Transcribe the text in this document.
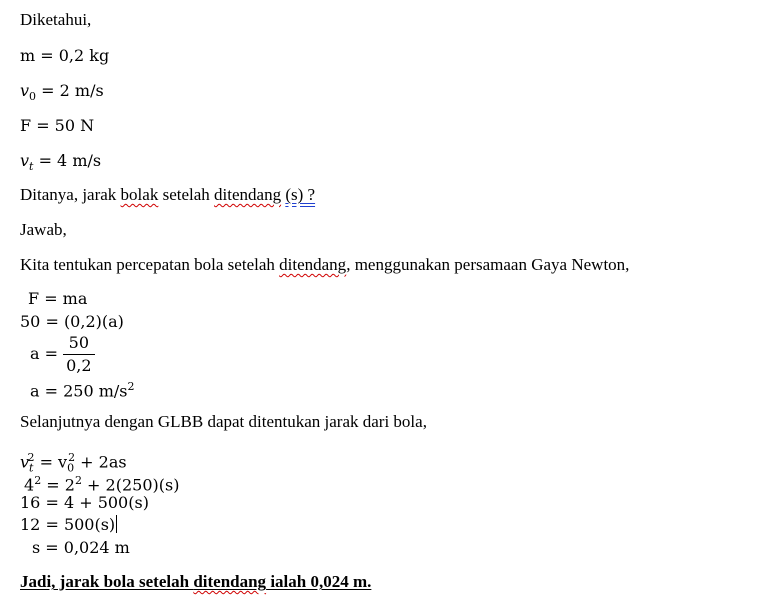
Diketahui,
m = 0,2 kg
$v_0 = 2$ m/s
F = 50 N
$v_t = 4$ m/s
Ditanya, jarak bolak setelah ditendang (s) ?
Jawab,
Kita tentukan percepatan bola setelah ditendang, menggunakan persamaan Gaya Newton,
F = ma
50 = (0,2)(a)
$a = \frac{50}{0,2}$
a = 250 $m/s^2$
Selanjutnya dengan GLBB dapat ditentukan jarak dari bola,
$v_t^2 = v_0^2 + 2as$
$4^2 = 2^2 + 2(250)(s)$
16 = 4 + 500(s)
12 = 500(s)
s = 0,024 m
Jadi, jarak bola setelah ditendang ialah 0,024 m.
